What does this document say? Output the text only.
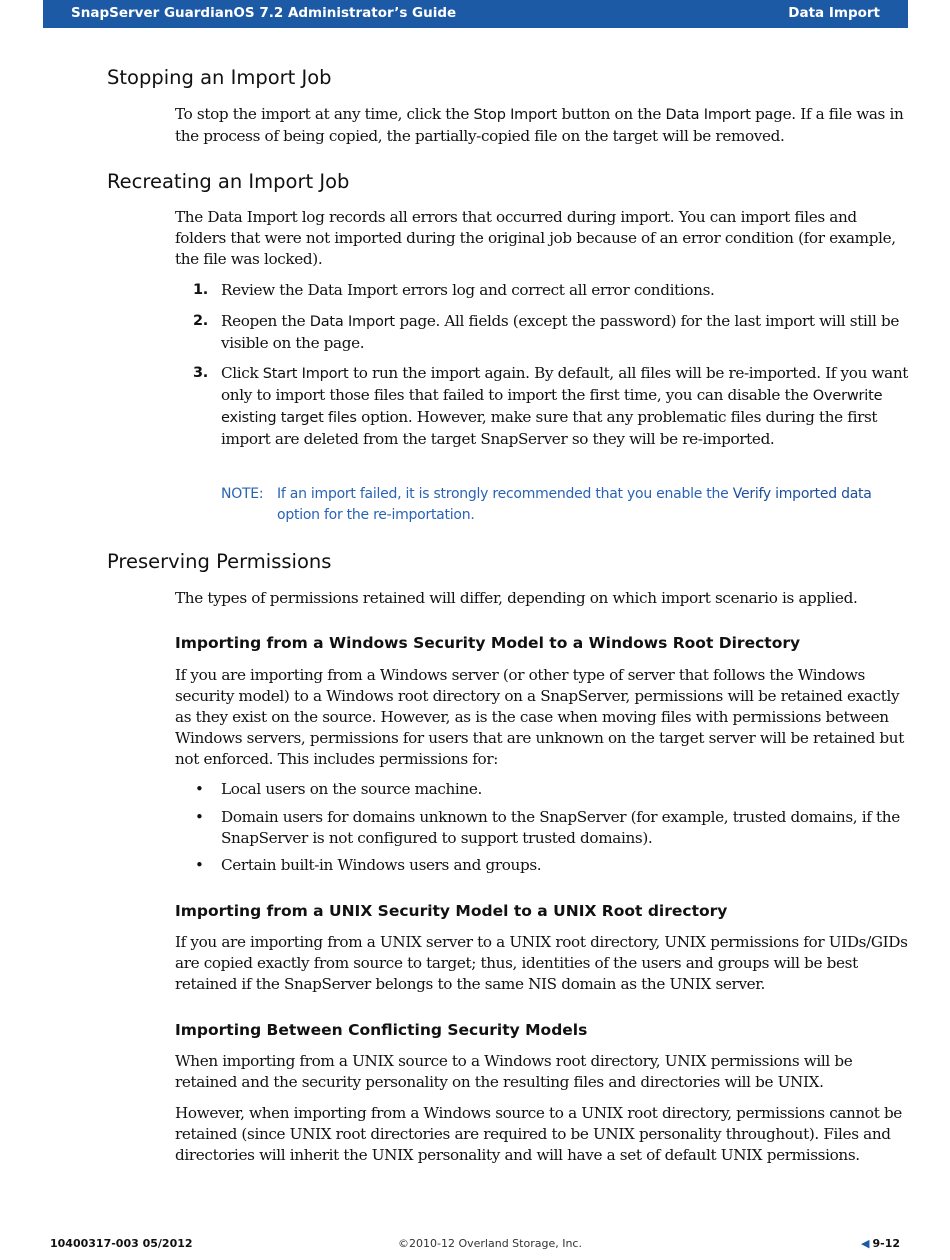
SnapServer GuardianOS 7.2 Administrator’s Guide	Data Import
Stopping an Import Job

To stop the import at any time, click the Stop Import button on the Data Import page. If a file was in the process of being copied, the partially-copied file on the target will be removed.

Recreating an Import Job

The Data Import log records all errors that occurred during import. You can import files and folders that were not imported during the original job because of an error condition (for example, the file was locked).

1. Review the Data Import errors log and correct all error conditions.
2. Reopen the Data Import page. All fields (except the password) for the last import will still be visible on the page.
3. Click Start Import to run the import again. By default, all files will be re-imported. If you want only to import those files that failed to import the first time, you can disable the Overwrite existing target files option. However, make sure that any problematic files during the first import are deleted from the target SnapServer so they will be re-imported.
NOTE: If an import failed, it is strongly recommended that you enable the Verify imported data option for the re-importation.
Preserving Permissions

The types of permissions retained will differ, depending on which import scenario is applied.

Importing from a Windows Security Model to a Windows Root Directory

If you are importing from a Windows server (or other type of server that follows the Windows security model) to a Windows root directory on a SnapServer, permissions will be retained exactly as they exist on the source. However, as is the case when moving files with permissions between Windows servers, permissions for users that are unknown on the target server will be retained but not enforced. This includes permissions for:

• Local users on the source machine.
• Domain users for domains unknown to the SnapServer (for example, trusted domains, if the SnapServer is not configured to support trusted domains).
• Certain built-in Windows users and groups.
Importing from a UNIX Security Model to a UNIX Root directory

If you are importing from a UNIX server to a UNIX root directory, UNIX permissions for UIDs/GIDs are copied exactly from source to target; thus, identities of the users and groups will be best retained if the SnapServer belongs to the same NIS domain as the UNIX server.

Importing Between Conflicting Security Models

When importing from a UNIX source to a Windows root directory, UNIX permissions will be retained and the security personality on the resulting files and directories will be UNIX.

However, when importing from a Windows source to a UNIX root directory, permissions cannot be retained (since UNIX root directories are required to be UNIX personality throughout). Files and directories will inherit the UNIX personality and will have a set of default UNIX permissions.

10400317-003 05/2012	©2010-12 Overland Storage, Inc.	◀ 9-12
